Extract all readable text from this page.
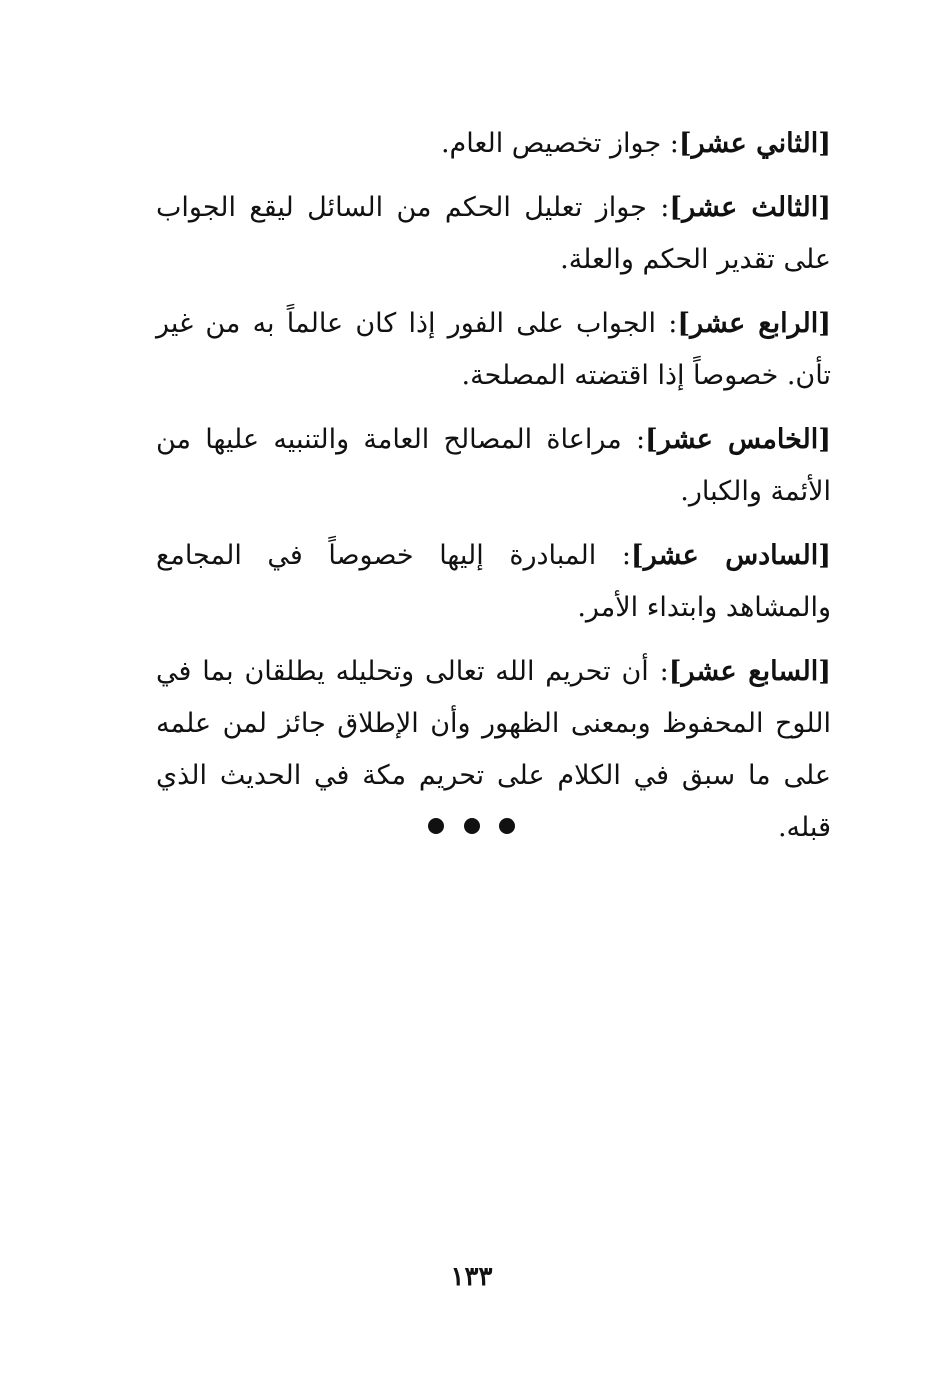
[الثاني عشر]: جواز تخصيص العام.

[الثالث عشر]: جواز تعليل الحكم من السائل ليقع الجواب على تقدير الحكم والعلة.

[الرابع عشر]: الجواب على الفور إذا كان عالماً به من غير تأن. خصوصاً إذا اقتضته المصلحة.

[الخامس عشر]: مراعاة المصالح العامة والتنبيه عليها من الأئمة والكبار.

[السادس عشر]: المبادرة إليها خصوصاً في المجامع والمشاهد وابتداء الأمر.

[السابع عشر]: أن تحريم الله تعالى وتحليله يطلقان بما في اللوح المحفوظ وبمعنى الظهور وأن الإطلاق جائز لمن علمه على ما سبق في الكلام على تحريم مكة في الحديث الذي قبله.

١٣٣
